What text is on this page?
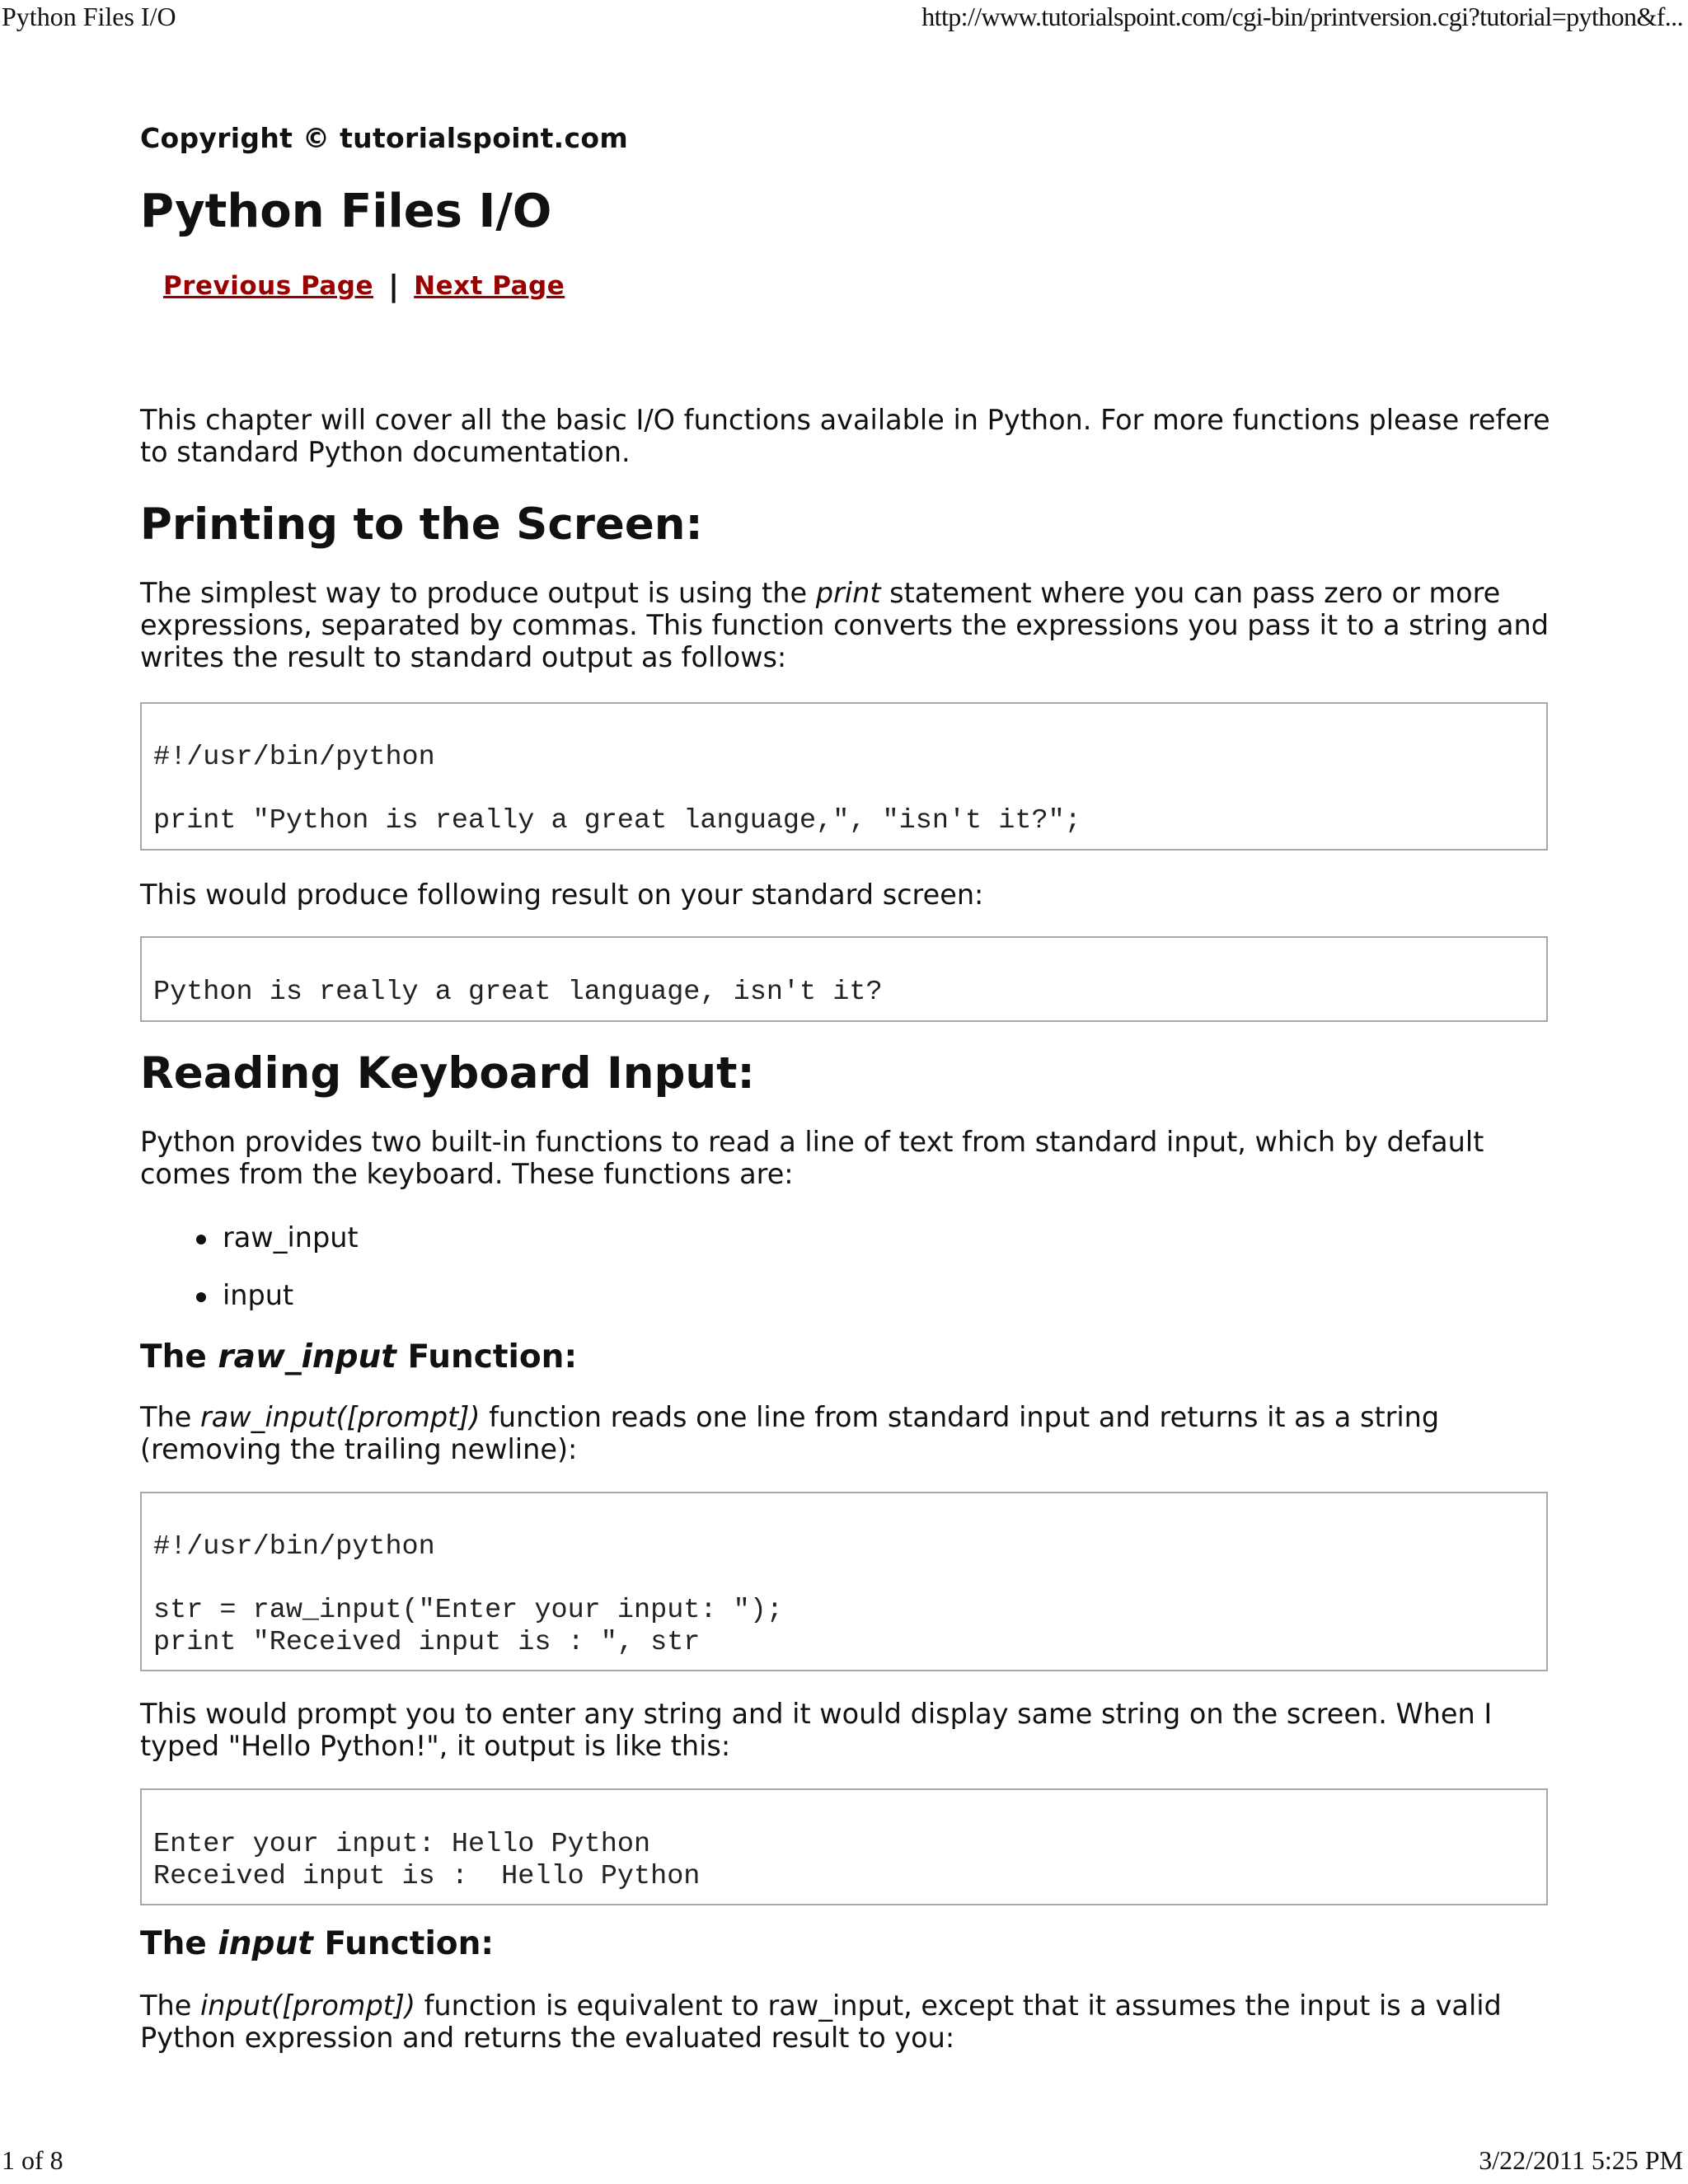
Python Files I/O	http://www.tutorialspoint.com/cgi-bin/printversion.cgi?tutorial=python&f...
Copyright © tutorialspoint.com
Python Files I/O
Previous Page | Next Page

This chapter will cover all the basic I/O functions available in Python. For more functions please refere to standard Python documentation.

Printing to the Screen:

The simplest way to produce output is using the print statement where you can pass zero or more expressions, separated by commas. This function converts the expressions you pass it to a string and writes the result to standard output as follows:

#!/usr/bin/python

print "Python is really a great language,", "isn't it?";

This would produce following result on your standard screen:

Python is really a great language, isn't it?
Reading Keyboard Input:

Python provides two built-in functions to read a line of text from standard input, which by default comes from the keyboard. These functions are:

raw_input
input
The raw_input Function:

The raw_input([prompt]) function reads one line from standard input and returns it as a string (removing the trailing newline):

#!/usr/bin/python

str = raw_input("Enter your input: ");
print "Received input is : ", str

This would prompt you to enter any string and it would display same string on the screen. When I typed "Hello Python!", it output is like this:

Enter your input: Hello Python
Received input is :  Hello Python
The input Function:

The input([prompt]) function is equivalent to raw_input, except that it assumes the input is a valid Python expression and returns the evaluated result to you:

1 of 8	3/22/2011 5:25 PM
